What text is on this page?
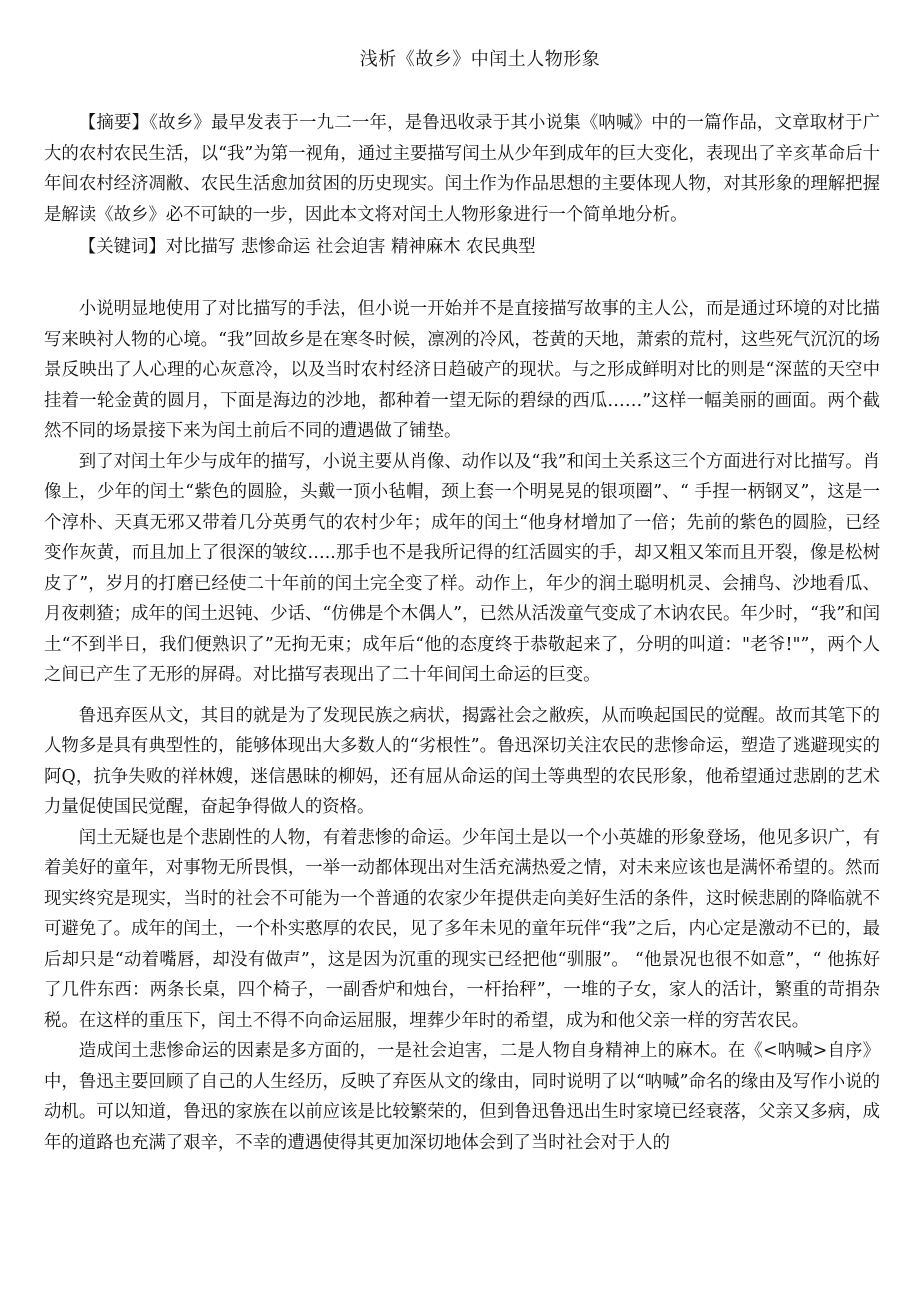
浅析《故乡》中闰土人物形象

【摘要】《故乡》最早发表于一九二一年，是鲁迅收录于其小说集《呐喊》中的一篇作品，文章取材于广大的农村农民生活，以“我”为第一视角，通过主要描写闰土从少年到成年的巨大变化，表现出了辛亥革命后十年间农村经济凋敝、农民生活愈加贫困的历史现实。闰土作为作品思想的主要体现人物，对其形象的理解把握是解读《故乡》必不可缺的一步，因此本文将对闰土人物形象进行一个简单地分析。

【关键词】对比描写 悲惨命运 社会迫害 精神麻木 农民典型

小说明显地使用了对比描写的手法，但小说一开始并不是直接描写故事的主人公，而是通过环境的对比描写来映衬人物的心境。“我”回故乡是在寒冬时候，凛冽的冷风，苍黄的天地，萧索的荒村，这些死气沉沉的场景反映出了人心理的心灰意冷，以及当时农村经济日趋破产的现状。与之形成鲜明对比的则是“深蓝的天空中挂着一轮金黄的圆月，下面是海边的沙地，都种着一望无际的碧绿的西瓜……”这样一幅美丽的画面。两个截然不同的场景接下来为闰土前后不同的遭遇做了铺垫。

到了对闰土年少与成年的描写，小说主要从肖像、动作以及“我”和闰土关系这三个方面进行对比描写。肖像上，少年的闰土“紫色的圆脸，头戴一顶小毡帽，颈上套一个明晃晃的银项圈”、“ 手捏一柄钢叉”，这是一个淳朴、天真无邪又带着几分英勇气的农村少年；成年的闰土“他身材增加了一倍；先前的紫色的圆脸，已经变作灰黄，而且加上了很深的皱纹…..那手也不是我所记得的红活圆实的手，却又粗又笨而且开裂，像是松树皮了”，岁月的打磨已经使二十年前的闰土完全变了样。动作上，年少的润土聪明机灵、会捕鸟、沙地看瓜、月夜刺猹；成年的闰土迟钝、少话、“仿佛是个木偶人”，已然从活泼童气变成了木讷农民。年少时，“我”和闰土“不到半日，我们便熟识了”无拘无束；成年后“他的态度终于恭敬起来了，分明的叫道："老爷!"”，两个人之间已产生了无形的屏碍。对比描写表现出了二十年间闰土命运的巨变。

鲁迅弃医从文，其目的就是为了发现民族之病状，揭露社会之敝疾，从而唤起国民的觉醒。故而其笔下的人物多是具有典型性的，能够体现出大多数人的“劣根性”。鲁迅深切关注农民的悲惨命运，塑造了逃避现实的阿Q，抗争失败的祥林嫂，迷信愚昧的柳妈，还有屈从命运的闰土等典型的农民形象，他希望通过悲剧的艺术力量促使国民觉醒，奋起争得做人的资格。

闰土无疑也是个悲剧性的人物，有着悲惨的命运。少年闰土是以一个小英雄的形象登场，他见多识广，有着美好的童年，对事物无所畏惧，一举一动都体现出对生活充满热爱之情，对未来应该也是满怀希望的。然而现实终究是现实，当时的社会不可能为一个普通的农家少年提供走向美好生活的条件，这时候悲剧的降临就不可避免了。成年的闰土，一个朴实憨厚的农民，见了多年未见的童年玩伴“我”之后，内心定是激动不已的，最后却只是“动着嘴唇，却没有做声”，这是因为沉重的现实已经把他“驯服”。 “他景况也很不如意”，“ 他拣好了几件东西：两条长桌，四个椅子，一副香炉和烛台，一杆抬秤”，一堆的子女，家人的活计，繁重的苛捐杂税。在这样的重压下，闰土不得不向命运屈服，埋葬少年时的希望，成为和他父亲一样的穷苦农民。

造成闰土悲惨命运的因素是多方面的，一是社会迫害，二是人物自身精神上的麻木。在《<呐喊>自序》中，鲁迅主要回顾了自己的人生经历，反映了弃医从文的缘由，同时说明了以“呐喊”命名的缘由及写作小说的动机。可以知道，鲁迅的家族在以前应该是比较繁荣的，但到鲁迅鲁迅出生时家境已经衰落，父亲又多病，成年的道路也充满了艰辛，不幸的遭遇使得其更加深切地体会到了当时社会对于人的
